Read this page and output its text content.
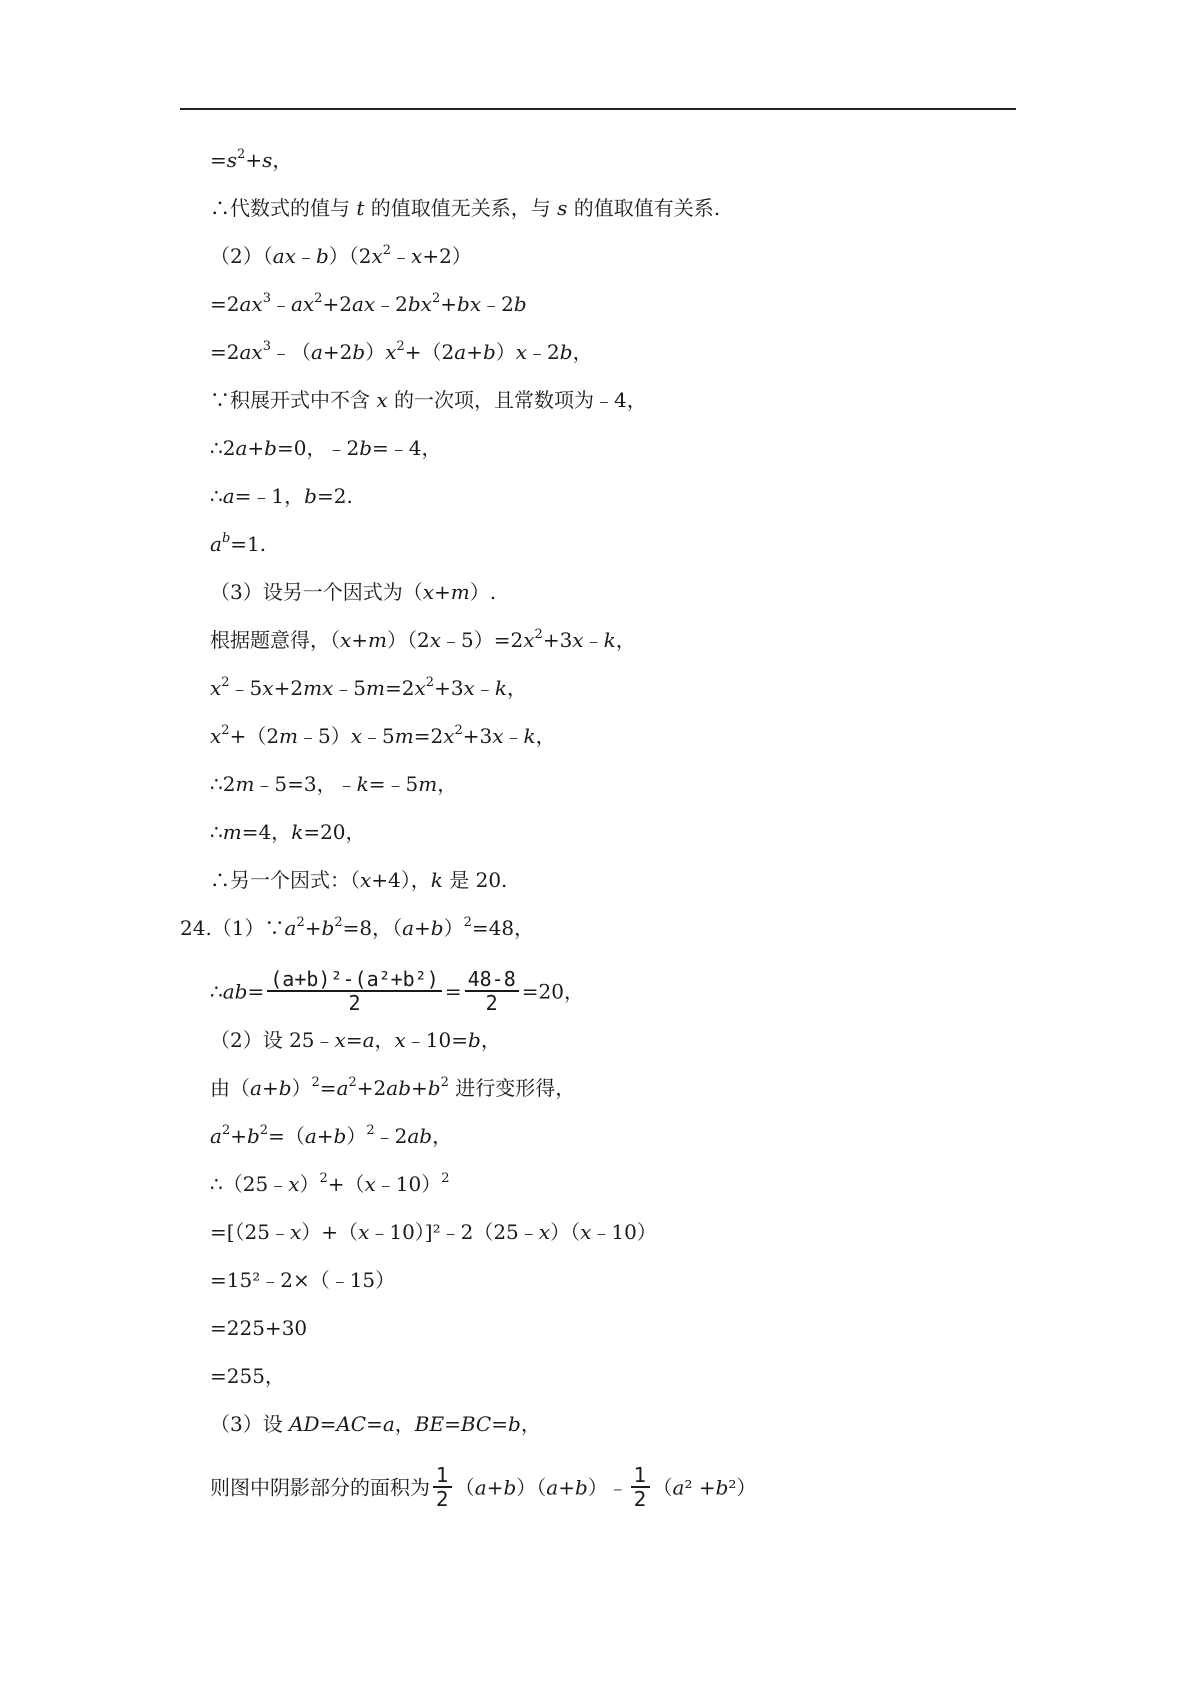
$=s^2+s$，
∴代数式的值与 t 的值取值无关系，与 s 的值取值有关系.
$(2)(ax﹣b)(2x^2﹣x+2)$
$=2ax^3﹣ax^2+2ax﹣2bx^2+bx﹣2b$
$=2ax^3﹣(a+2b)x^2+(2a+b)x﹣2b$，
∵积展开式中不含 x 的一次项，且常数项为﹣4，
∴2a+b=0，﹣2b=﹣4，
∴a=﹣1，b=2.
$a^b=1$.
（3）设另一个因式为（x+m）.
根据题意得，$(x+m)(2x﹣5)=2x^2+3x﹣k$，
$x^2﹣5x+2mx﹣5m=2x^2+3x﹣k$，
$x^2+(2m﹣5)x﹣5m=2x^2+3x﹣k$，
∴2m﹣5=3，﹣k=﹣5m，
∴m=4，k=20，
∴另一个因式：（x+4），k 是 20.
$24.(1)\because a^2+b^2=8$，$(a+b)^2=48$，
∴ab= $\frac{\text{(a+b)²-(a²+b²)}}{2} = \frac{48-8}{2} =20$，
（2）设 25﹣x=a，x﹣10=b，
由$(a+b)^2=a^2+2ab+b^2$ 进行变形得，
$a^2+b^2=(a+b)^2﹣2ab$，
∴（25﹣x）$^2$+（x﹣10）$^2$
=[（25﹣x）+（x﹣10）]²﹣2（25﹣x）（x﹣10）
=15²﹣2×（﹣15）
=225+30
=255，
（3）设 AD=AC=a，BE=BC=b，
则图中阴影部分的面积为 $\frac{1}{2}$ （a+b）（a+b）﹣ $\frac{1}{2} (a^2 +b^2)$
